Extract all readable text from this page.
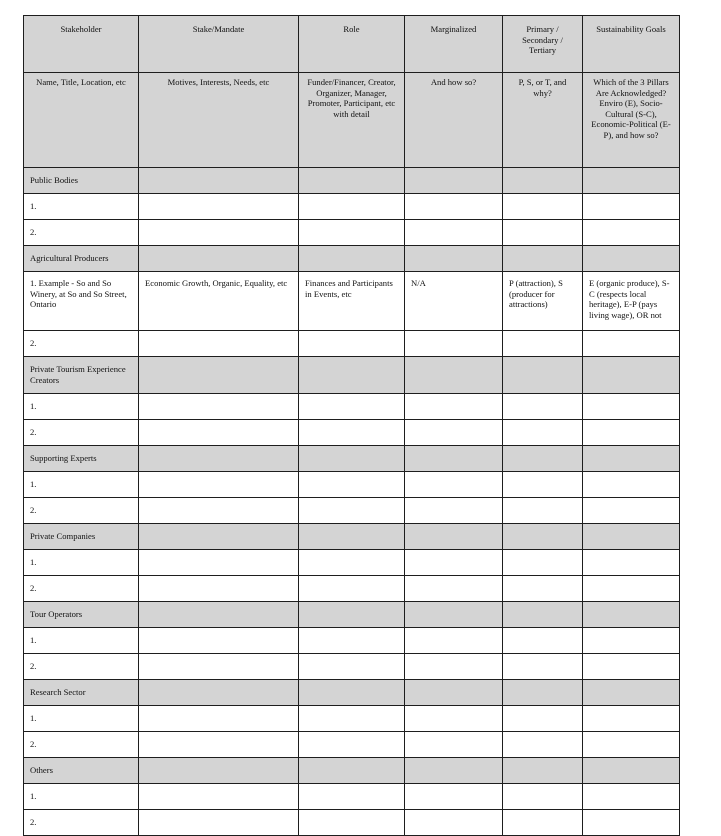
Stakeholder	Stake/Mandate	Role	Marginalized	Primary / Secondary / Tertiary	Sustainability Goals
Name, Title, Location, etc	Motives, Interests, Needs, etc	Funder/Financer, Creator, Organizer, Manager, Promoter, Participant, etc with detail	And how so?	P, S, or T, and why?	Which of the 3 Pillars Are Acknowledged? Enviro (E), Socio-Cultural (S-C), Economic-Political (E-P), and how so?
Public Bodies					
1.					
2.					
Agricultural Producers					
1. Example - So and So Winery, at So and So Street, Ontario	Economic Growth, Organic, Equality, etc	Finances and Participants in Events, etc	N/A	P (attraction), S (producer for attractions)	E (organic produce), S-C (respects local heritage), E-P (pays living wage), OR not
2.					
Private Tourism Experience Creators					
1.					
2.					
Supporting Experts					
1.					
2.					
Private Companies					
1.					
2.					
Tour Operators					
1.					
2.					
Research Sector					
1.					
2.					
Others					
1.					
2.					
